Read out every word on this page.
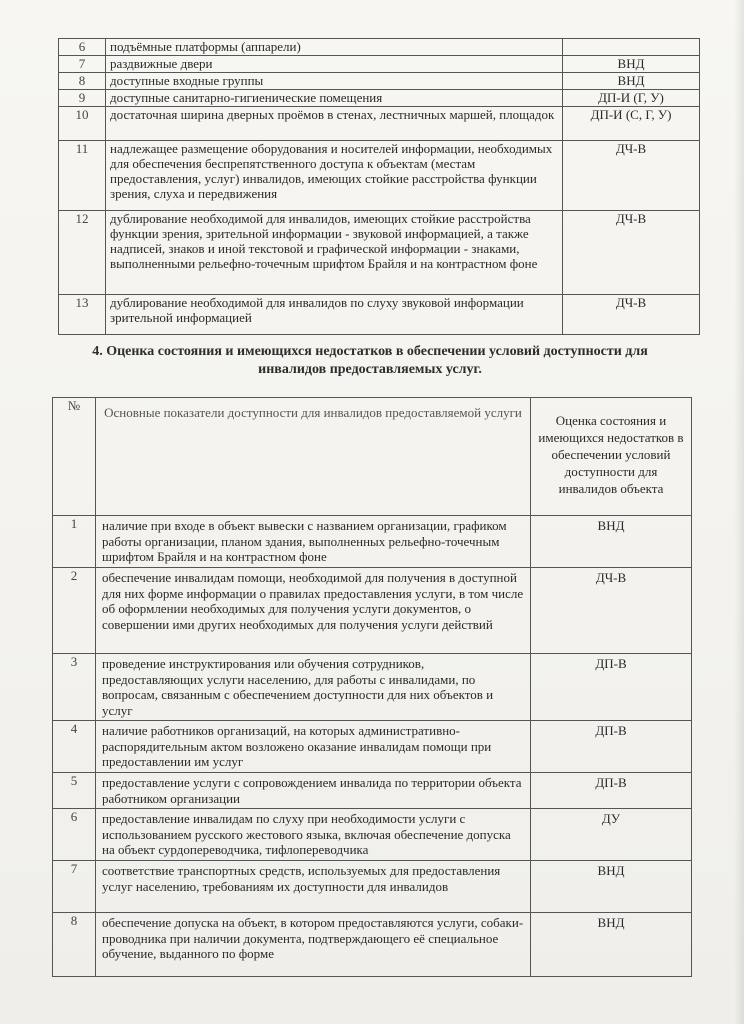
6	подъёмные платформы (аппарели)	
7	раздвижные двери	ВНД
8	доступные входные группы	ВНД
9	доступные санитарно-гигиенические помещения	ДП-И (Г, У)
10	достаточная ширина дверных проёмов в стенах, лестничных маршей, площадок	ДП-И (С, Г, У)
11	надлежащее размещение оборудования и носителей информации, необходимых для обеспечения беспрепятственного доступа к объектам (местам предоставления, услуг) инвалидов, имеющих стойкие расстройства функции зрения, слуха и передвижения	ДЧ-В
12	дублирование необходимой для инвалидов, имеющих стойкие расстройства функции зрения, зрительной информации - звуковой информацией, а также надписей, знаков и иной текстовой и графической информации - знаками, выполненными рельефно-точечным шрифтом Брайля и на контрастном фоне	ДЧ-В
13	дублирование необходимой для инвалидов по слуху звуковой информации зрительной информацией	ДЧ-В
4. Оценка состояния и имеющихся недостатков в обеспечении условий доступности для инвалидов предоставляемых услуг.
№	Основные показатели доступности для инвалидов предоставляемой услуги	Оценка состояния и имеющихся недостатков в обеспечении условий доступности для инвалидов объекта
1	наличие при входе в объект вывески с названием организации, графиком работы организации, планом здания, выполненных рельефно-точечным шрифтом Брайля и на контрастном фоне	ВНД
2	обеспечение инвалидам помощи, необходимой для получения в доступной для них форме информации о правилах предоставления услуги, в том числе об оформлении необходимых для получения услуги документов, о совершении ими других необходимых для получения услуги действий	ДЧ-В
3	проведение инструктирования или обучения сотрудников, предоставляющих услуги населению, для работы с инвалидами, по вопросам, связанным с обеспечением доступности для них объектов и услуг	ДП-В
4	наличие работников организаций, на которых административно-распорядительным актом возложено оказание инвалидам помощи при предоставлении им услуг	ДП-В
5	предоставление услуги с сопровождением инвалида по территории объекта работником организации	ДП-В
6	предоставление инвалидам по слуху при необходимости услуги с использованием русского жестового языка, включая обеспечение допуска на объект сурдопереводчика, тифлопереводчика	ДУ
7	соответствие транспортных средств, используемых для предоставления услуг населению, требованиям их доступности для инвалидов	ВНД
8	обеспечение допуска на объект, в котором предоставляются услуги, собаки-проводника при наличии документа, подтверждающего её специальное обучение, выданного по форме	ВНД
